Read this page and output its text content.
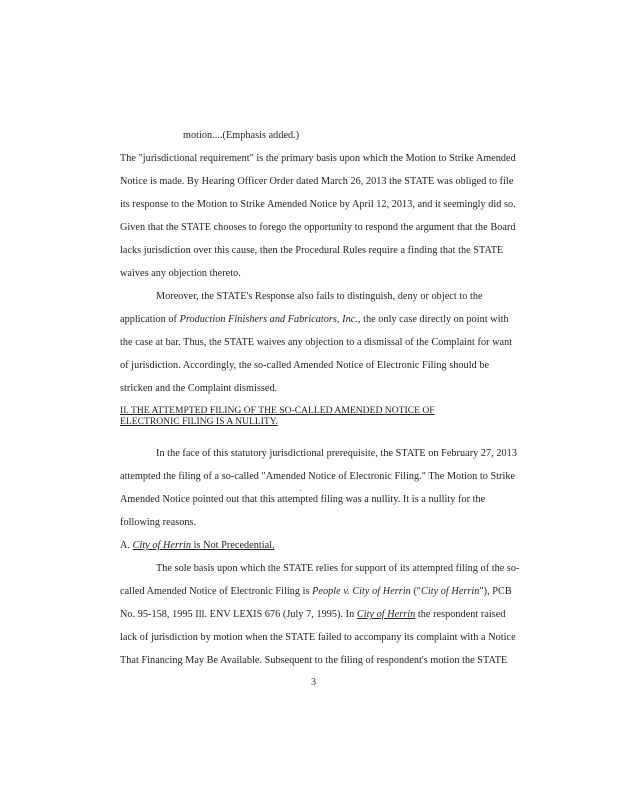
motion....(Emphasis added.)
The "jurisdictional requirement" is the primary basis upon which the Motion to Strike Amended
Notice is made. By Hearing Officer Order dated March 26, 2013 the STATE was obliged to file
its response to the Motion to Strike Amended Notice by April 12, 2013, and it seemingly did so.
Given that the STATE chooses to forego the opportunity to respond the argument that the Board
lacks jurisdiction over this cause, then the Procedural Rules require a finding that the STATE
waives any objection thereto.
Moreover, the STATE's Response also fails to distinguish, deny or object to the
application of Production Finishers and Fabricators, Inc., the only case directly on point with
the case at bar. Thus, the STATE waives any objection to a dismissal of the Complaint for want
of jurisdiction. Accordingly, the so-called Amended Notice of Electronic Filing should be
stricken and the Complaint dismissed.
II. THE ATTEMPTED FILING OF THE SO-CALLED AMENDED NOTICE OF
ELECTRONIC FILING IS A NULLITY.
In the face of this statutory jurisdictional prerequisite, the STATE on February 27, 2013
attempted the filing of a so-called "Amended Notice of Electronic Filing." The Motion to Strike
Amended Notice pointed out that this attempted filing was a nullity. It is a nullity for the
following reasons.
A. City of Herrin is Not Precedential.
The sole basis upon which the STATE relies for support of its attempted filing of the so-
called Amended Notice of Electronic Filing is People v. City of Herrin ("City of Herrin"), PCB
No. 95-158, 1995 Ill. ENV LEXIS 676 (July 7, 1995). In City of Herrin the respondent raised
lack of jurisdiction by motion when the STATE failed to accompany its complaint with a Notice
That Financing May Be Available. Subsequent to the filing of respondent's motion the STATE
3
